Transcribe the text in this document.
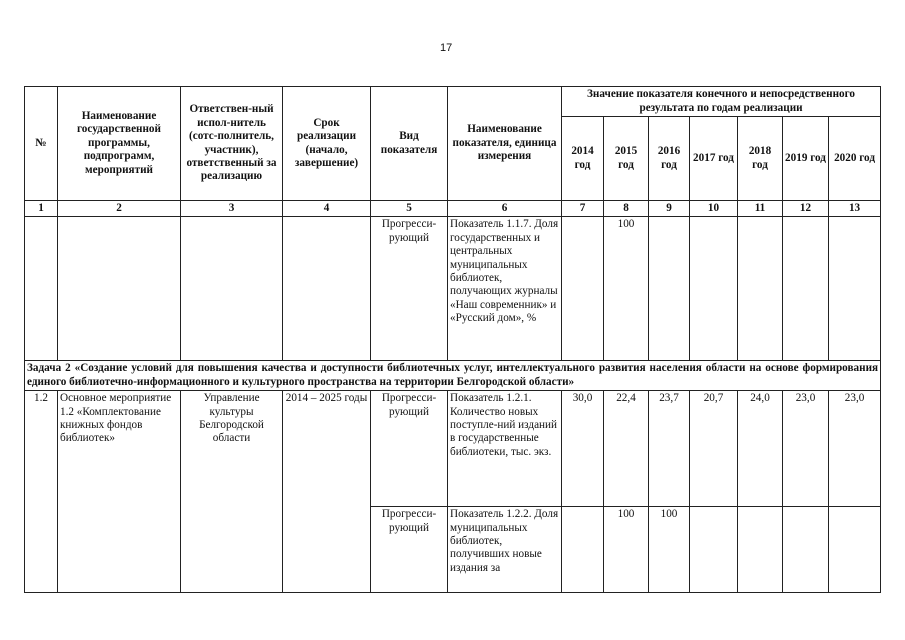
17
№	Наименование государственной программы, подпрограмм, мероприятий	Ответствен-ный испол-нитель (сотс-полнитель, участник), ответственный за реализацию	Срок реализации (начало, завершение)	Вид показателя	Наименование показателя, единица измерения	Значение показателя конечного и непосредственного результата по годам реализации						
						2014 год	2015 год	2016 год	2017 год	2018 год	2019 год	2020 год
1	2	3	4	5	6	7	8	9	10	11	12	13
				Прогресси-рующий	Показатель 1.1.7. Доля государственных и центральных муниципальных библиотек, получающих журналы «Наш современник» и «Русский дом», %		100					
Задача 2 «Создание условий для повышения качества и доступности библиотечных услуг, интеллектуального развития населения области на основе формирования единого библиотечно-информационного и культурного пространства на территории Белгородской области»												
1.2	Основное мероприятие 1.2 «Комплектование книжных фондов библиотек»	Управление культуры Белгородской области	2014 – 2025 годы	Прогресси-рующий	Показатель 1.2.1. Количество новых поступле-ний изданий в государственные библиотеки, тыс. экз.	30,0	22,4	23,7	20,7	24,0	23,0	23,0
				Прогресси-рующий	Показатель 1.2.2. Доля муниципальных библиотек, получивших новые издания за		100	100				
